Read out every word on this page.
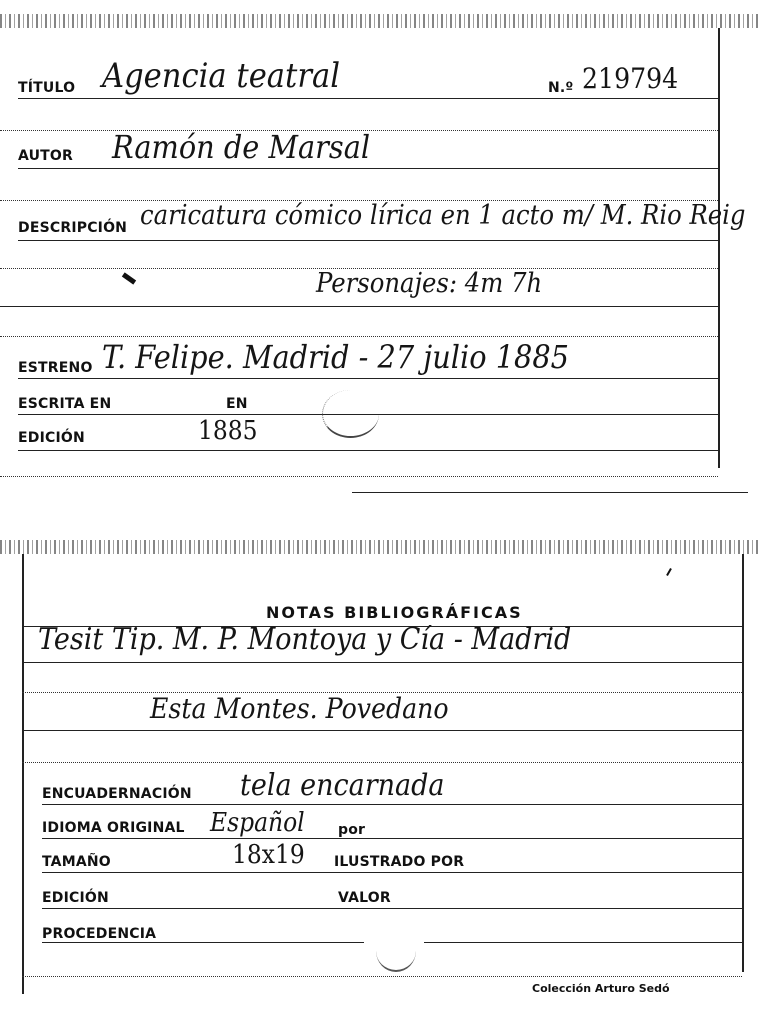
TÍTULO Agencia teatral	N.º 219794
AUTOR Ramón de Marsal
DESCRIPCIÓN caricatura cómico lírica en 1 acto m/ M. Rio Reig
Personajes: 4m 7h
ESTRENO T. Felipe. Madrid - 27 julio 1885
ESCRITA EN	EN
EDICIÓN	1885
NOTAS BIBLIOGRÁFICAS
Tesit Tip. M. P. Montoya y Cía - Madrid
Esta Montes. Povedano
ENCUADERNACIÓN tela encarnada
IDIOMA ORIGINAL Español por
TAMAÑO	18x19 ILUSTRADO POR
EDICIÓN	VALOR
PROCEDENCIA
Colección Arturo Sedó
